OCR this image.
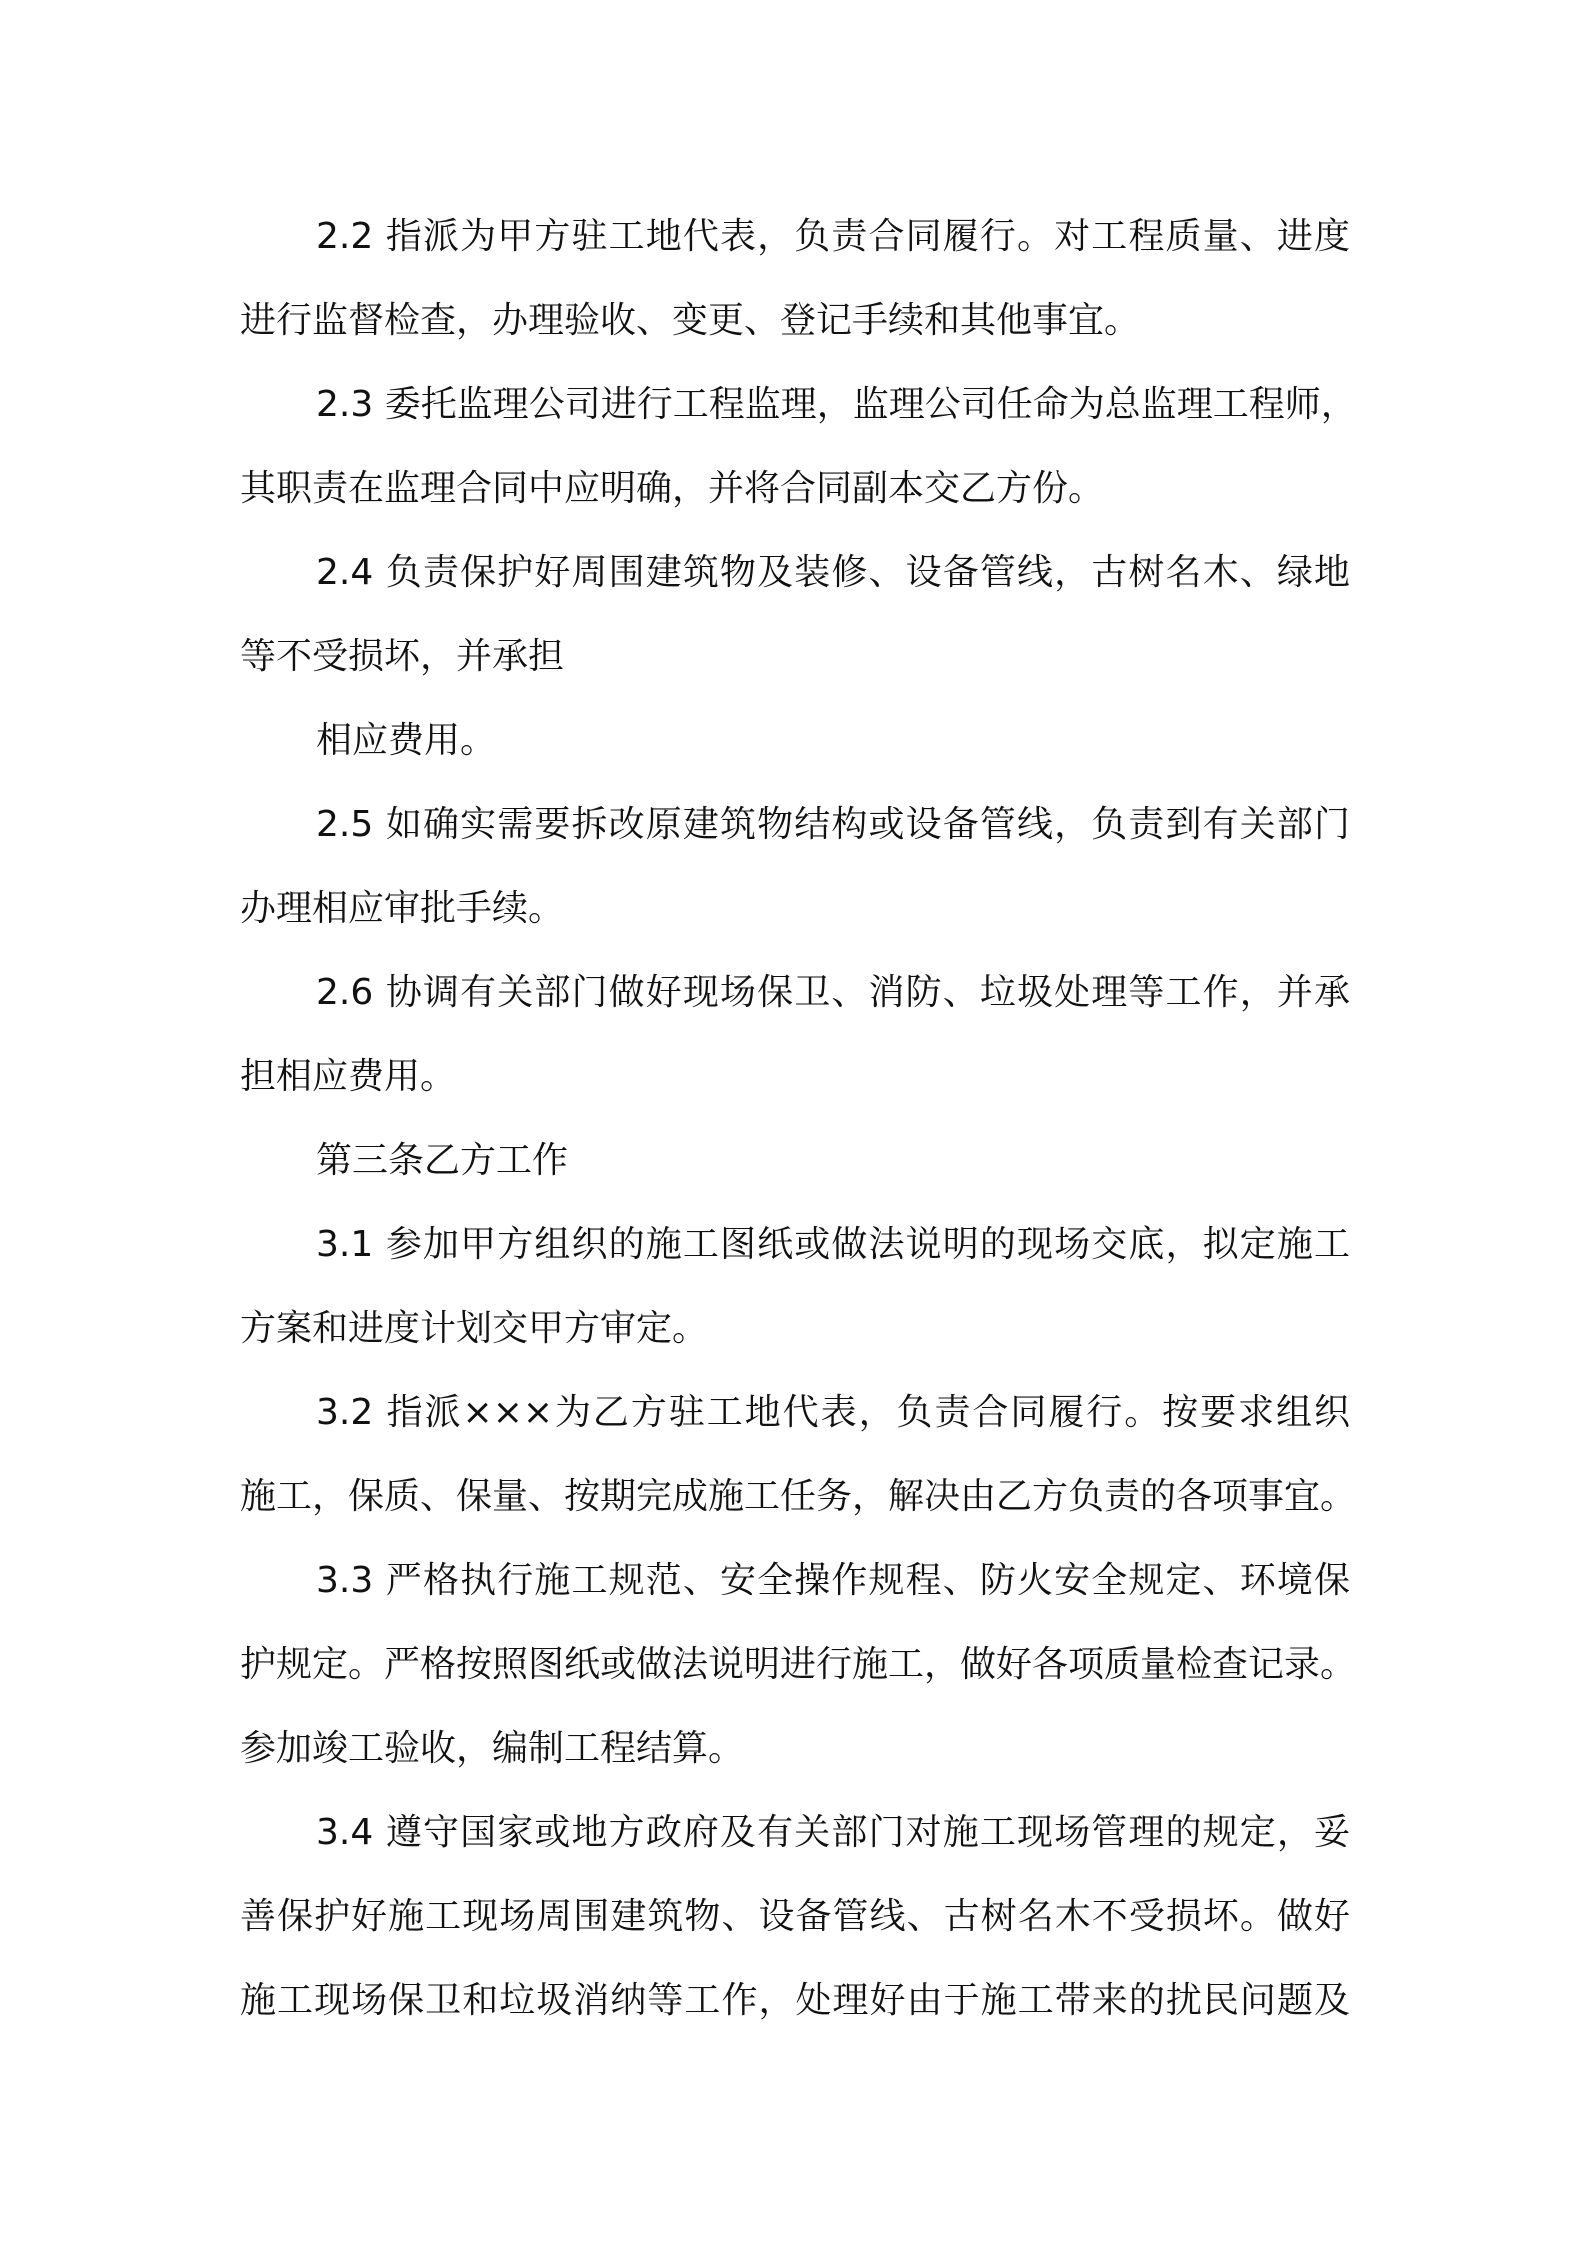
2.2 指派为甲方驻工地代表，负责合同履行。对工程质量、进度
进行监督检查，办理验收、变更、登记手续和其他事宜。
2.3 委托监理公司进行工程监理，监理公司任命为总监理工程师，
其职责在监理合同中应明确，并将合同副本交乙方份。
2.4 负责保护好周围建筑物及装修、设备管线，古树名木、绿地
等不受损坏，并承担
相应费用。
2.5 如确实需要拆改原建筑物结构或设备管线，负责到有关部门
办理相应审批手续。
2.6 协调有关部门做好现场保卫、消防、垃圾处理等工作，并承
担相应费用。
第三条乙方工作
3.1 参加甲方组织的施工图纸或做法说明的现场交底，拟定施工
方案和进度计划交甲方审定。
3.2 指派×××为乙方驻工地代表，负责合同履行。按要求组织
施工，保质、保量、按期完成施工任务，解决由乙方负责的各项事宜。
3.3 严格执行施工规范、安全操作规程、防火安全规定、环境保
护规定。严格按照图纸或做法说明进行施工，做好各项质量检查记录。
参加竣工验收，编制工程结算。
3.4 遵守国家或地方政府及有关部门对施工现场管理的规定，妥
善保护好施工现场周围建筑物、设备管线、古树名木不受损坏。做好
施工现场保卫和垃圾消纳等工作，处理好由于施工带来的扰民问题及
